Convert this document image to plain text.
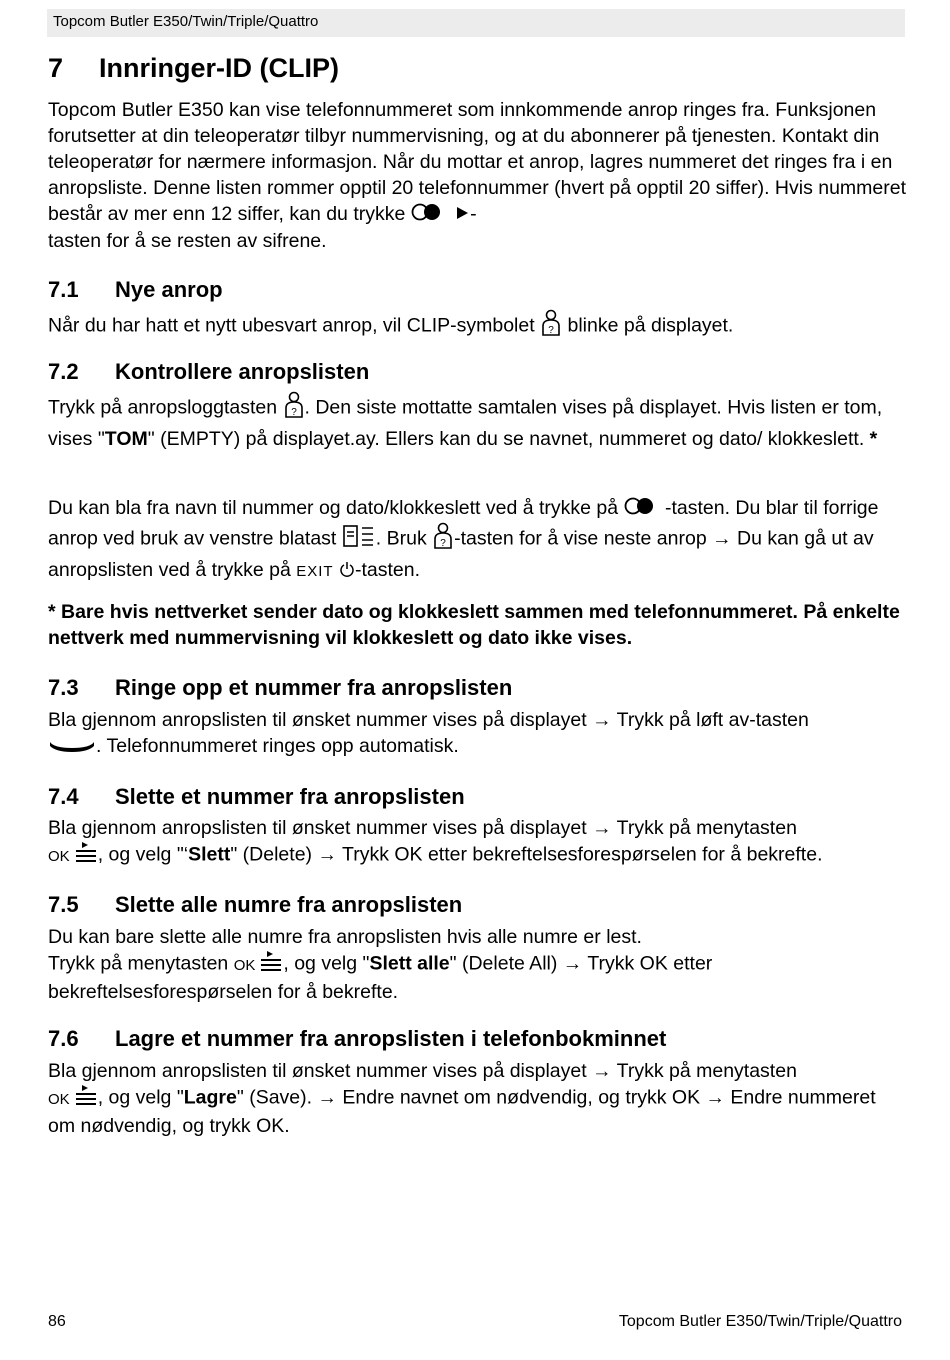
Topcom Butler E350/Twin/Triple/Quattro
7 Innringer-ID (CLIP)

Topcom Butler E350 kan vise telefonnummeret som innkommende anrop ringes fra. Funksjonen forutsetter at din teleoperatør tilbyr nummervisning, og at du abonnerer på tjenesten. Kontakt din teleoperatør for nærmere informasjon. Når du mottar et anrop, lagres nummeret det ringes fra i en anropsliste. Denne listen rommer opptil 20 telefonnummer (hvert på opptil 20 siffer). Hvis nummeret består av mer enn 12 siffer, kan du trykke	-
tasten for å se resten av sifrene.

7.1 Nye anrop

Når du har hatt et nytt ubesvart anrop, vil CLIP-symbolet ? blinke på displayet.

7.2 Kontrollere anropslisten

Trykk på anropsloggtasten ? . Den siste mottatte samtalen vises på displayet. Hvis listen er tom, vises "TOM" (EMPTY) på displayet.ay. Ellers kan du se navnet, nummeret og dato/ klokkeslett. *

Du kan bla fra navn til nummer og dato/klokkeslett ved å trykke på -tasten. Du blar til forrige anrop ved bruk av venstre blatast . Bruk ? -tasten for å vise neste anrop → Du kan gå ut av anropslisten ved å trykke på EXIT -tasten.

* Bare hvis nettverket sender dato og klokkeslett sammen med telefonnummeret. På enkelte nettverk med nummervisning vil klokkeslett og dato ikke vises.

7.3 Ringe opp et nummer fra anropslisten

Bla gjennom anropslisten til ønsket nummer vises på displayet → Trykk på løft av-tasten
. Telefonnummeret ringes opp automatisk.

7.4 Slette et nummer fra anropslisten

Bla gjennom anropslisten til ønsket nummer vises på displayet → Trykk på menytasten
OK , og velg "‘Slett" (Delete) → Trykk OK etter bekreftelsesforespørselen for å bekrefte.

7.5 Slette alle numre fra anropslisten

Du kan bare slette alle numre fra anropslisten hvis alle numre er lest.
Trykk på menytasten OK , og velg "Slett alle" (Delete All) → Trykk OK etter bekreftelsesforespørselen for å bekrefte.

7.6 Lagre et nummer fra anropslisten i telefonbokminnet

Bla gjennom anropslisten til ønsket nummer vises på displayet → Trykk på menytasten
OK , og velg "Lagre" (Save). → Endre navnet om nødvendig, og trykk OK → Endre nummeret om nødvendig, og trykk OK.

86	Topcom Butler E350/Twin/Triple/Quattro
